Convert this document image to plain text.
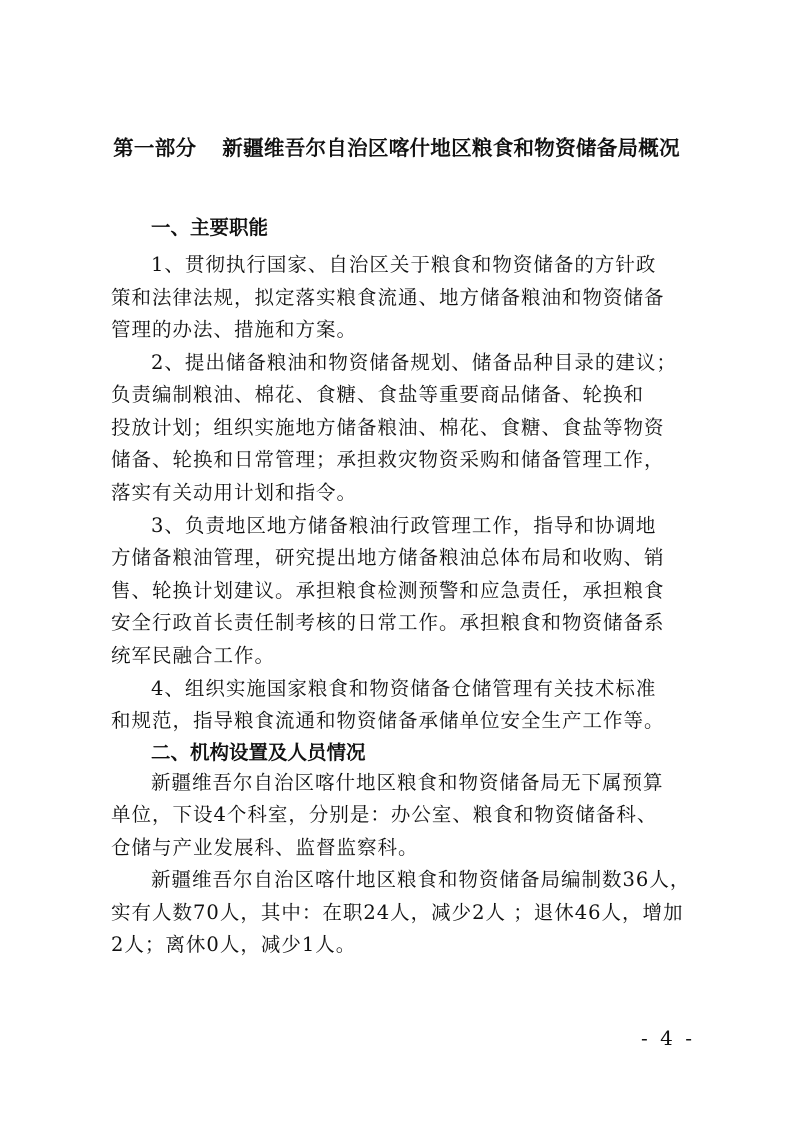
第一部分 新疆维吾尔自治区喀什地区粮食和物资储备局概况
一、主要职能
1、贯彻执行国家、自治区关于粮食和物资储备的方针政
策和法律法规，拟定落实粮食流通、地方储备粮油和物资储备
管理的办法、措施和方案。
2、提出储备粮油和物资储备规划、储备品种目录的建议；
负责编制粮油、棉花、食糖、食盐等重要商品储备、轮换和
投放计划；组织实施地方储备粮油、棉花、食糖、食盐等物资
储备、轮换和日常管理；承担救灾物资采购和储备管理工作，
落实有关动用计划和指令。
3、负责地区地方储备粮油行政管理工作，指导和协调地
方储备粮油管理，研究提出地方储备粮油总体布局和收购、销
售、轮换计划建议。承担粮食检测预警和应急责任，承担粮食
安全行政首长责任制考核的日常工作。承担粮食和物资储备系
统军民融合工作。
4、组织实施国家粮食和物资储备仓储管理有关技术标准
和规范，指导粮食流通和物资储备承储单位安全生产工作等。
二、机构设置及人员情况
新疆维吾尔自治区喀什地区粮食和物资储备局无下属预算
单位，下设4个科室，分别是：办公室、粮食和物资储备科、
仓储与产业发展科、监督监察科。
新疆维吾尔自治区喀什地区粮食和物资储备局编制数36人，
实有人数70人，其中：在职24人，减少2人 ；退休46人，增加
2人；离休0人，减少1人。
- 4 -
